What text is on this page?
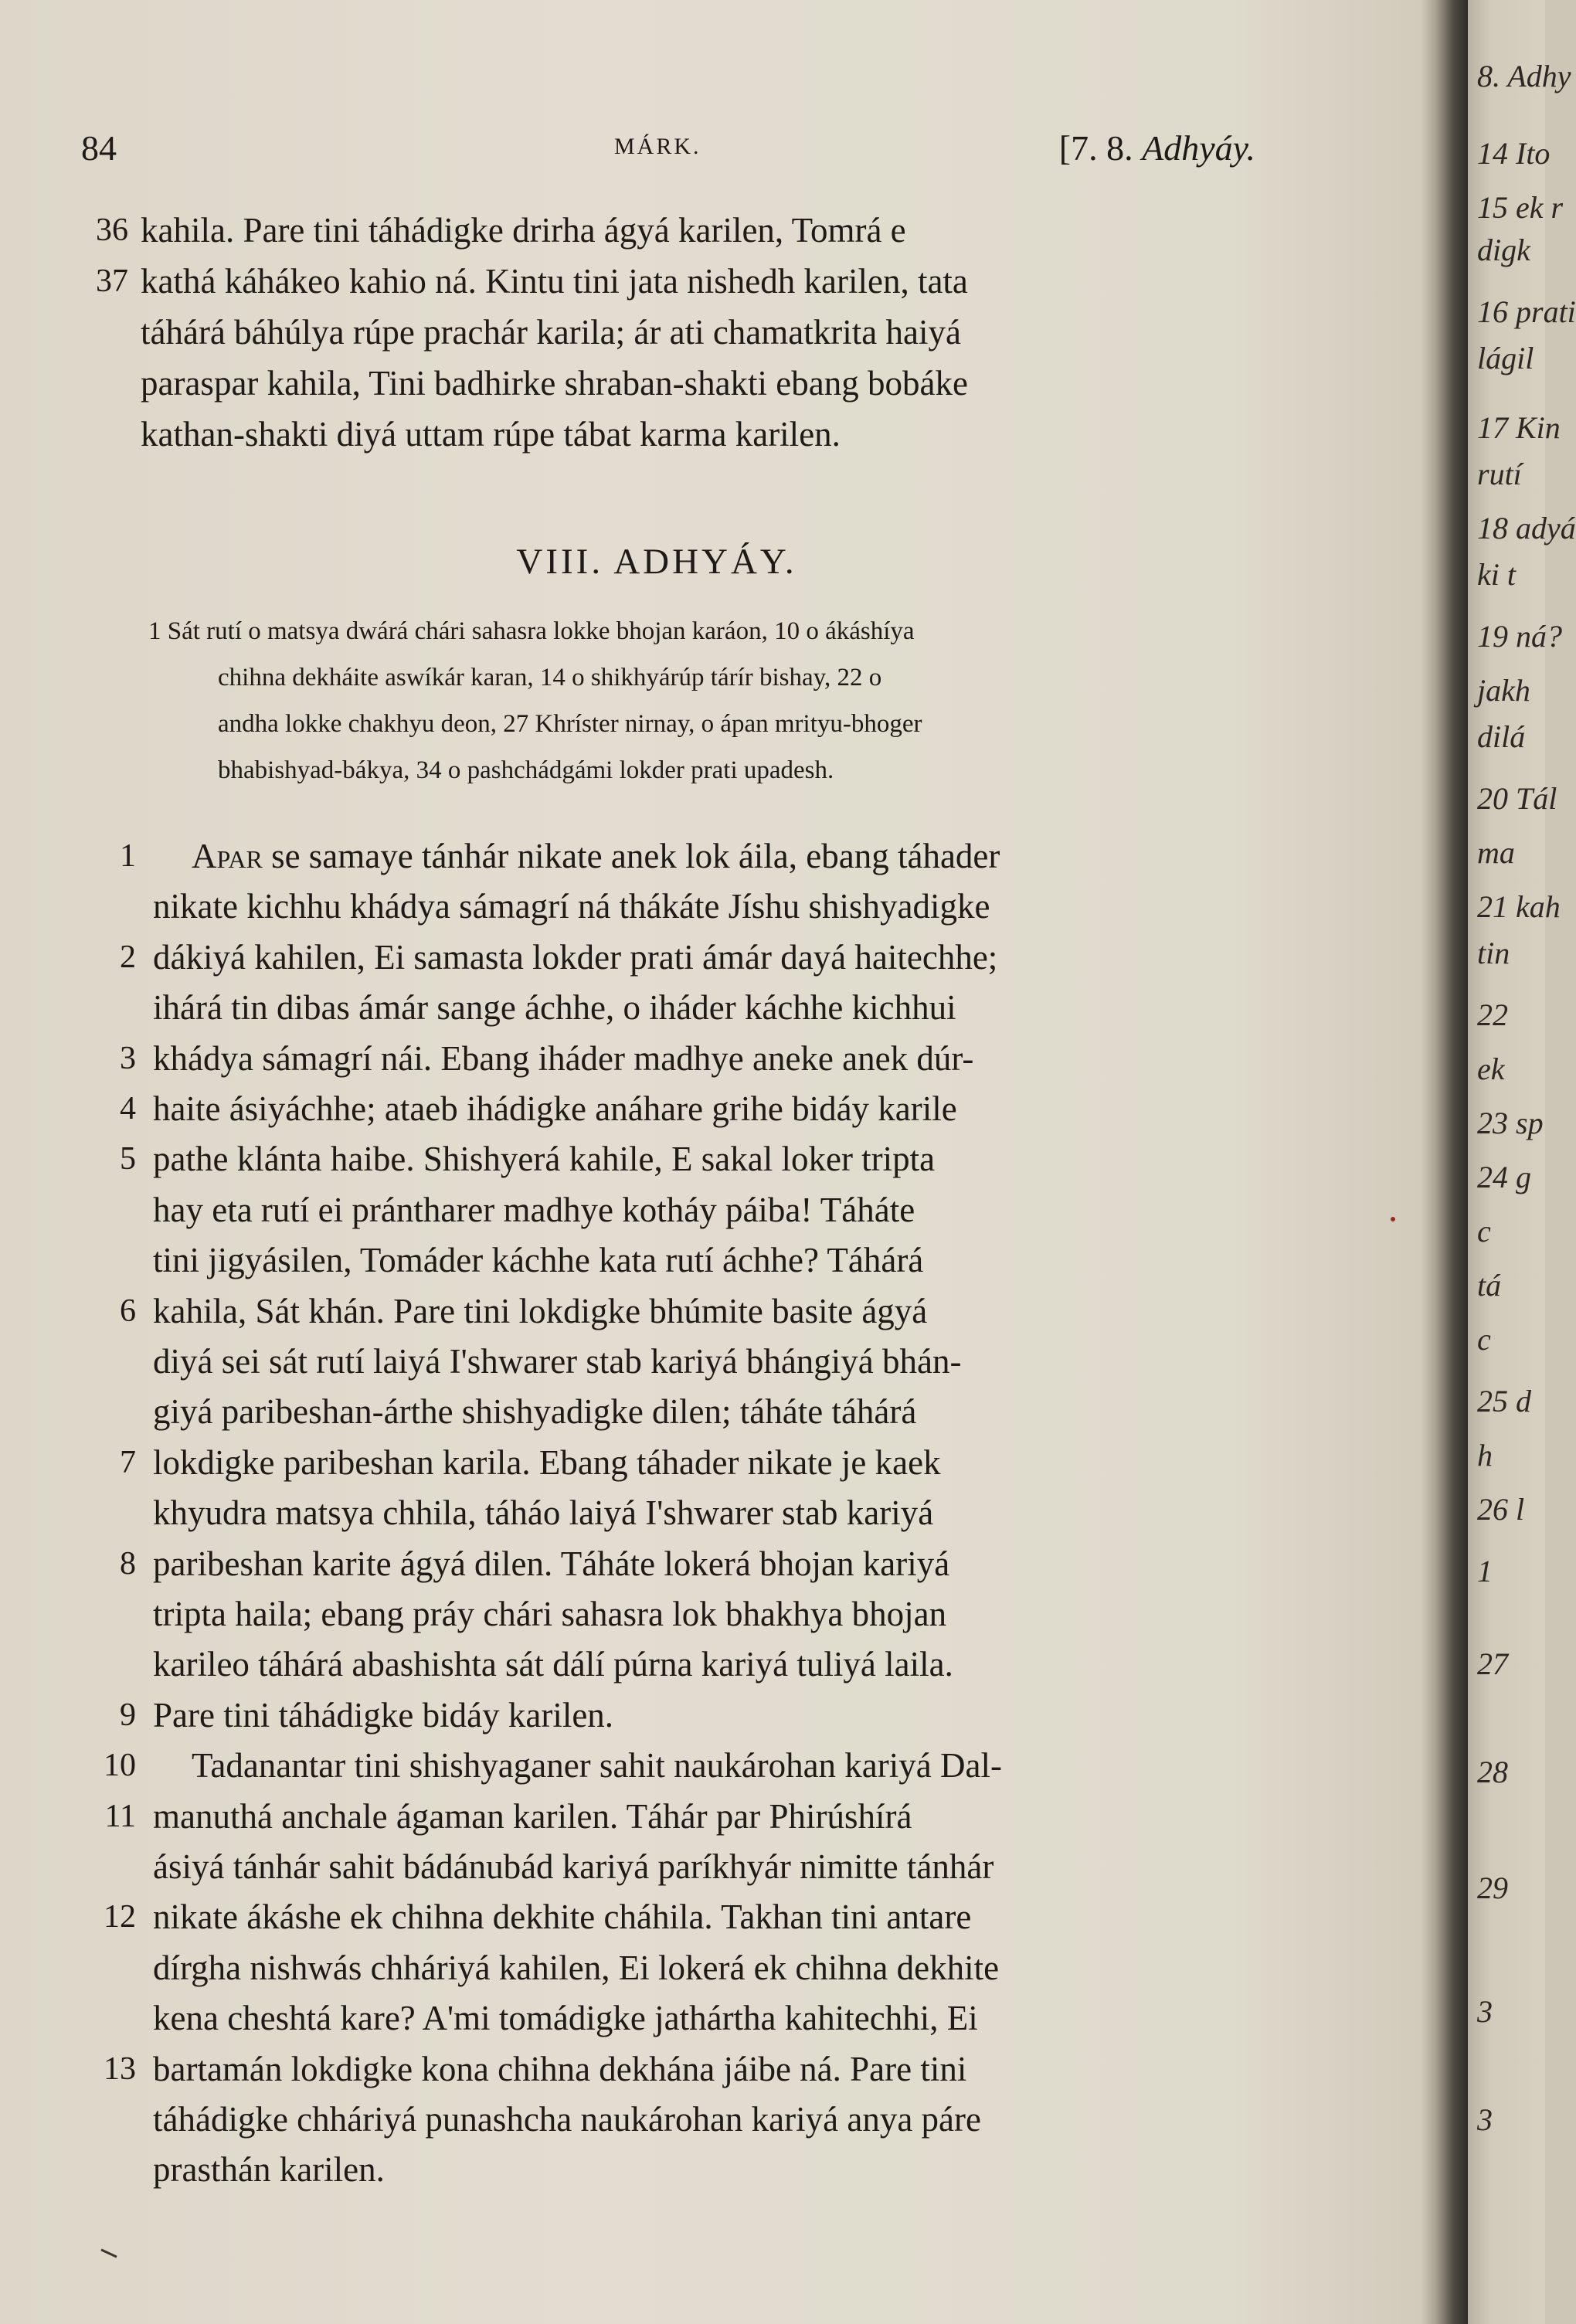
8. Adhy
14 Ito
15 ek r
digk
16 prati
lágil
17 Kin
rutí
18 adyá
ki t
19 ná?
jakh
dilá
20 Tál
ma
21 kah
tin
22
ek
23 sp
24 g
c
tá
c
25 d
h
26 l
1
27
28
29
3
3
84	MÁRK.	[7. 8. Adhyáy.
kahila. Pare tini táhádigke drirha ágyá karilen, Tomrá e
kathá káhákeo kahio ná. Kintu tini jata nishedh karilen, tata
táhárá báhúlya rúpe prachár karila; ár ati chamatkrita haiyá
paraspar kahila, Tini badhirke shraban-shakti ebang bobáke
kathan-shakti diyá uttam rúpe tábat karma karilen.
36
37
VIII. ADHYÁY.
1 Sát rutí o matsya dwárá chári sahasra lokke bhojan karáon, 10 o ákáshíya
chihna dekháite aswíkár karan, 14 o shikhyárúp tárír bishay, 22 o
andha lokke chakhyu deon, 27 Khríster nirnay, o ápan mrityu-bhoger
bhabishyad-bákya, 34 o pashchádgámi lokder prati upadesh.
Apar se samaye tánhár nikate anek lok áila, ebang táhader
1
nikate kichhu khádya sámagrí ná thákáte Jíshu shishyadigke
dákiyá kahilen, Ei samasta lokder prati ámár dayá haitechhe;
2
ihárá tin dibas ámár sange áchhe, o iháder káchhe kichhui
khádya sámagrí nái. Ebang iháder madhye aneke anek dúr-
3
haite ásiyáchhe; ataeb ihádigke anáhare grihe bidáy karile
4
pathe klánta haibe. Shishyerá kahile, E sakal loker tripta
5
hay eta rutí ei prántharer madhye kotháy páiba! Táháte
tini jigyásilen, Tomáder káchhe kata rutí áchhe? Táhárá
kahila, Sát khán. Pare tini lokdigke bhúmite basite ágyá
6
diyá sei sát rutí laiyá I'shwarer stab kariyá bhángiyá bhán-
giyá paribeshan-árthe shishyadigke dilen; táháte táhárá
lokdigke paribeshan karila. Ebang táhader nikate je kaek
7
khyudra matsya chhila, táháo laiyá I'shwarer stab kariyá
paribeshan karite ágyá dilen. Táháte lokerá bhojan kariyá
8
tripta haila; ebang práy chári sahasra lok bhakhya bhojan
karileo táhárá abashishta sát dálí púrna kariyá tuliyá laila.
Pare tini táhádigke bidáy karilen.
9
Tadanantar tini shishyaganer sahit naukárohan kariyá Dal-
10
manuthá anchale ágaman karilen. Táhár par Phirúshírá
11
ásiyá tánhár sahit bádánubád kariyá paríkhyár nimitte tánhár
nikate ákáshe ek chihna dekhite cháhila. Takhan tini antare
12
dírgha nishwás chháriyá kahilen, Ei lokerá ek chihna dekhite
kena cheshtá kare? A'mi tomádigke jathártha kahitechhi, Ei
bartamán lokdigke kona chihna dekhána jáibe ná. Pare tini
13
táhádigke chháriyá punashcha naukárohan kariyá anya páre
prasthán karilen.
